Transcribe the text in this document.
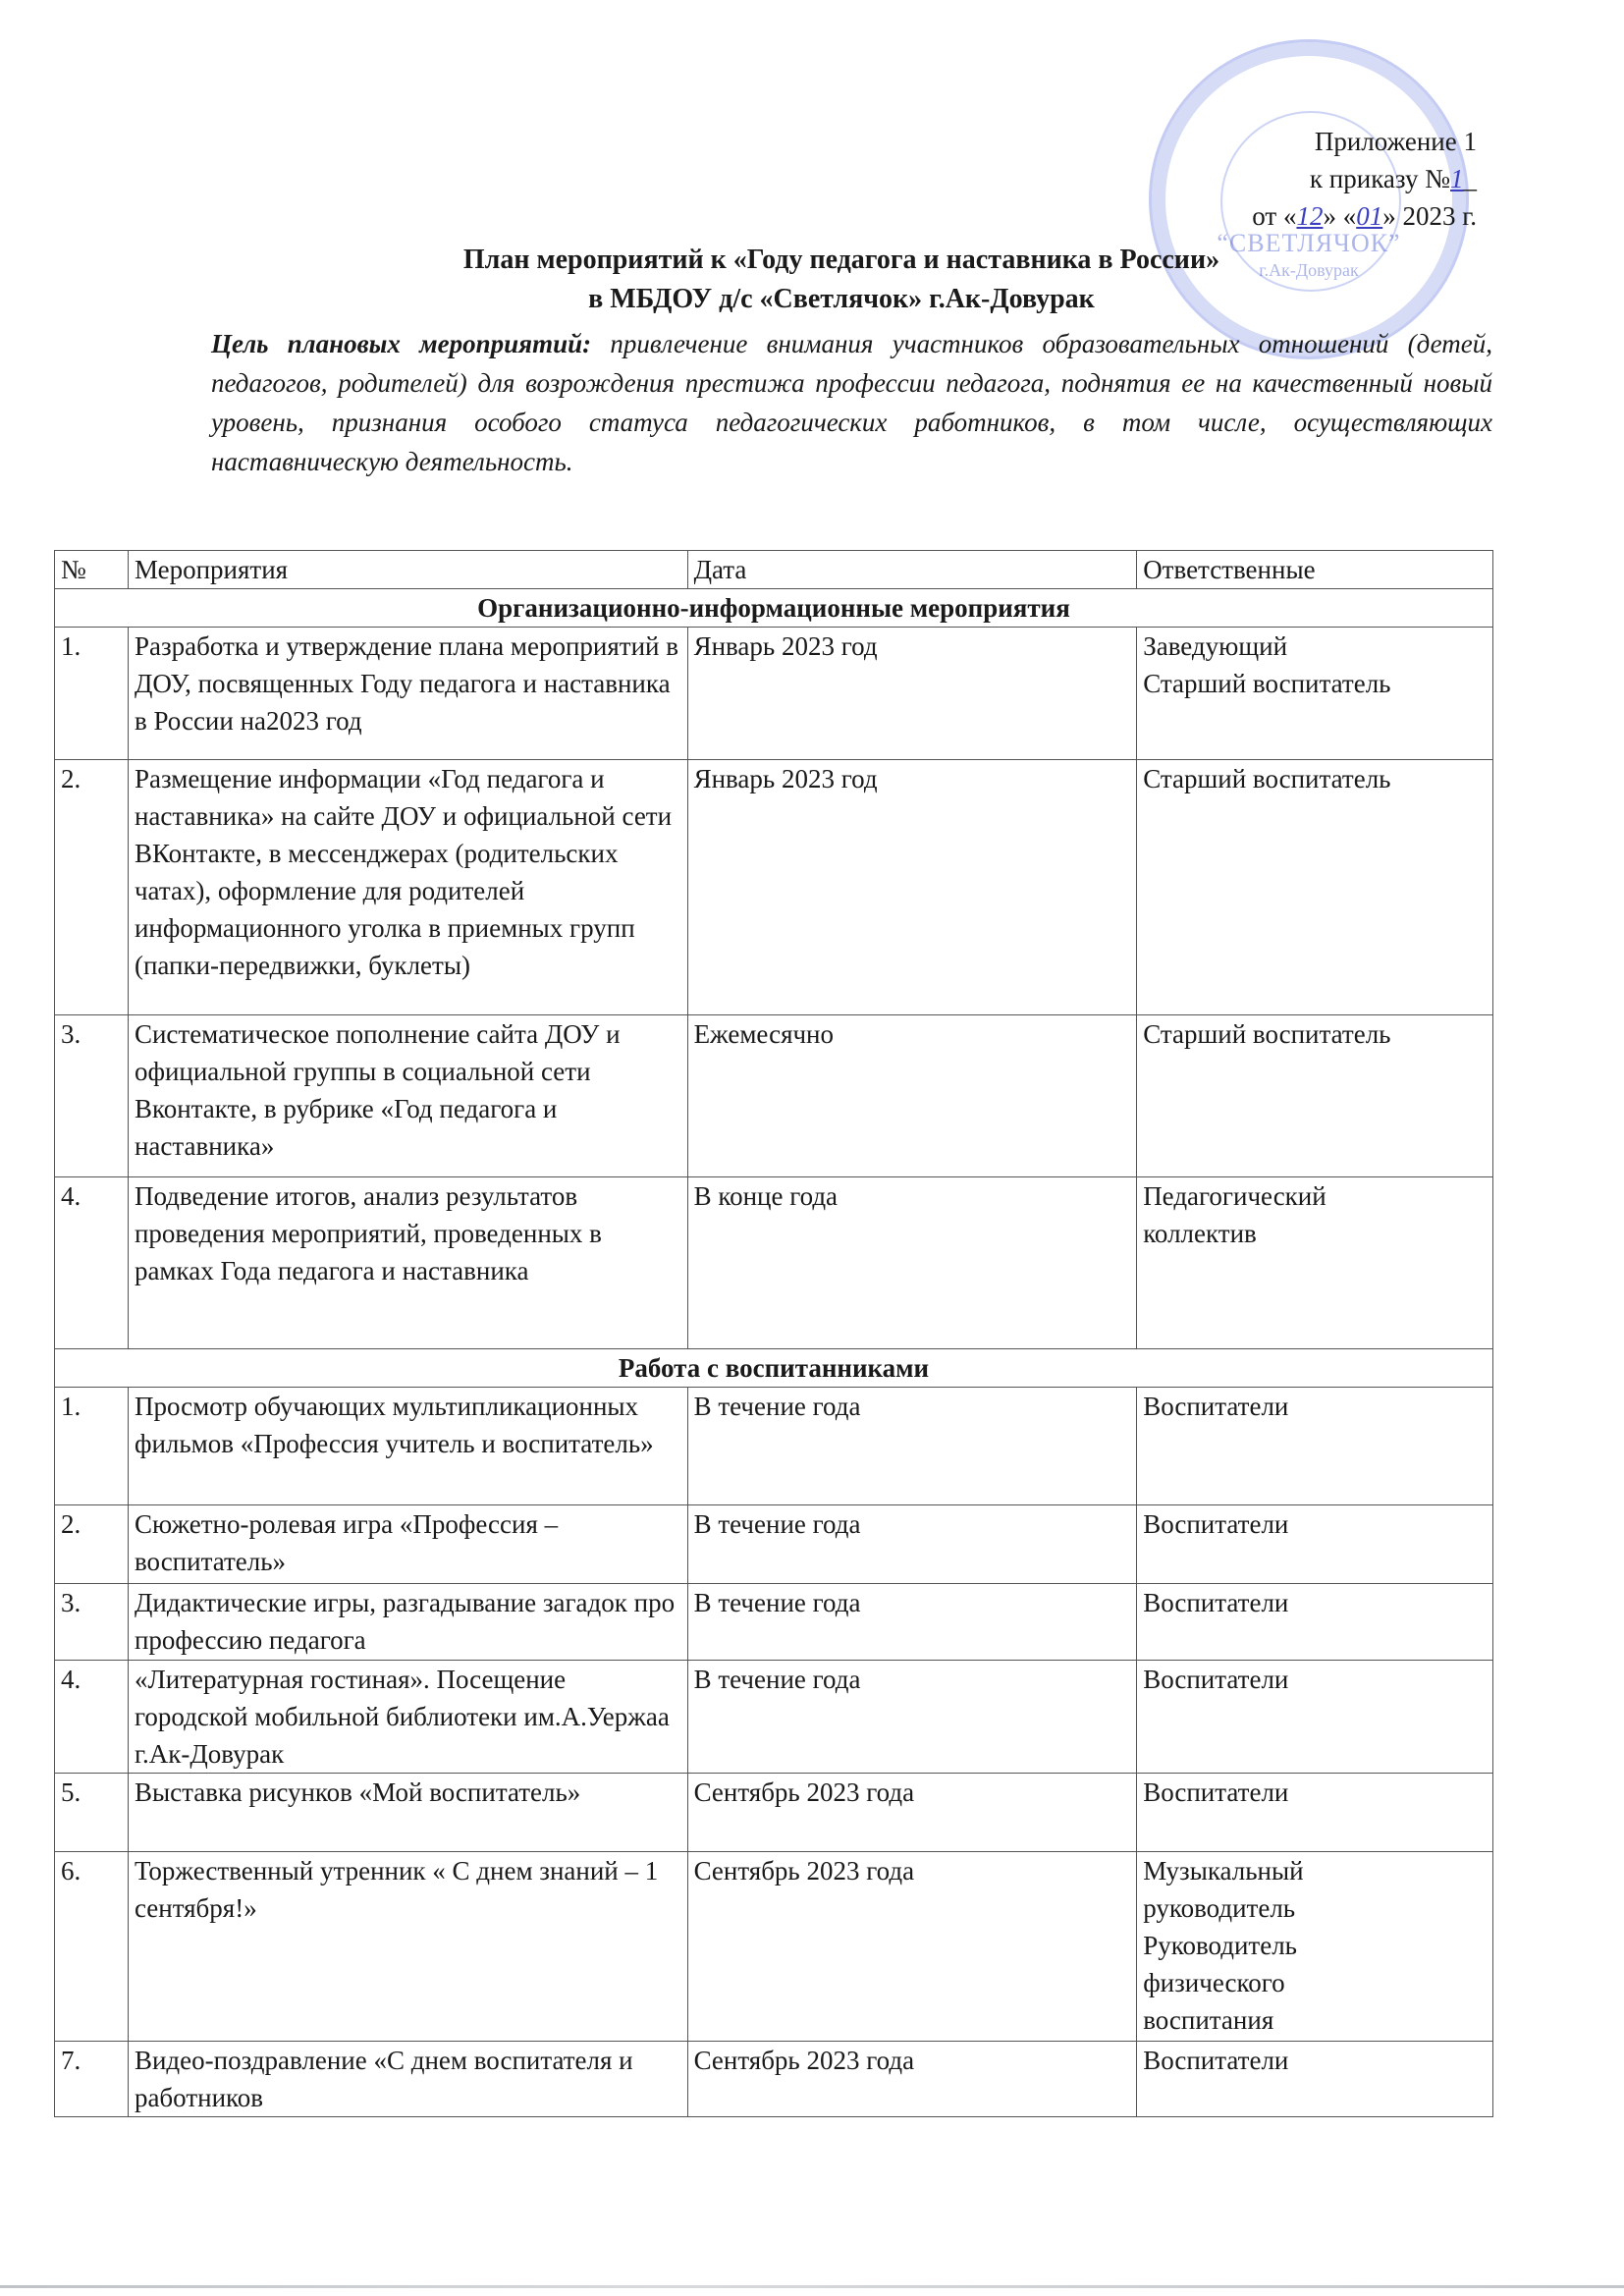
“СВЕТЛЯЧОК”
г.Ак-Довурак
Приложение 1
к приказу №1_
от «12» «01» 2023 г.
План мероприятий к «Году педагога и наставника в России»
в МБДОУ д/с «Светлячок» г.Ак-Довурак
Цель плановых мероприятий: привлечение внимания участников образовательных отношений (детей, педагогов, родителей) для возрождения престижа профессии педагога, поднятия ее на качественный новый уровень, признания особого статуса педагогических работников, в том числе, осуществляющих наставническую деятельность.
№	Мероприятия	Дата	Ответственные
Организационно-информационные мероприятия			
1.	Разработка и утверждение плана мероприятий в ДОУ, посвященных Году педагога и наставника в России на2023 год	Январь 2023 год	Заведующий
Старший воспитатель

2.	Размещение информации «Год педагога и наставника» на сайте ДОУ и официальной сети ВКонтакте, в мессенджерах (родительских чатах), оформление для родителей информационного уголка в приемных групп (папки-передвижки, буклеты)	Январь 2023 год	Старший воспитатель

3.	Систематическое пополнение сайта ДОУ и официальной группы в социальной сети Вконтакте, в рубрике «Год педагога и наставника»	Ежемесячно	Старший воспитатель

4.	Подведение итогов, анализ результатов проведения мероприятий, проведенных в рамках Года педагога и наставника	В конце года	Педагогический
коллектив

Работа с воспитанниками			
1.	Просмотр обучающих мультипликационных фильмов «Профессия учитель и воспитатель»	В течение года	Воспитатели

2.	Сюжетно-ролевая игра «Профессия – воспитатель»	В течение года	Воспитатели

3.	Дидактические игры, разгадывание загадок про профессию педагога	В течение года	Воспитатели

4.	«Литературная гостиная». Посещение городской мобильной библиотеки им.А.Уержаа г.Ак-Довурак	В течение года	Воспитатели

5.	Выставка рисунков «Мой воспитатель»	Сентябрь 2023 года	Воспитатели

6.	Торжественный утренник « С днем знаний – 1 сентября!»	Сентябрь 2023 года	Музыкальный
руководитель
Руководитель
физического
воспитания

7.	Видео-поздравление «С днем воспитателя и работников	Сентябрь 2023 года	Воспитатели
